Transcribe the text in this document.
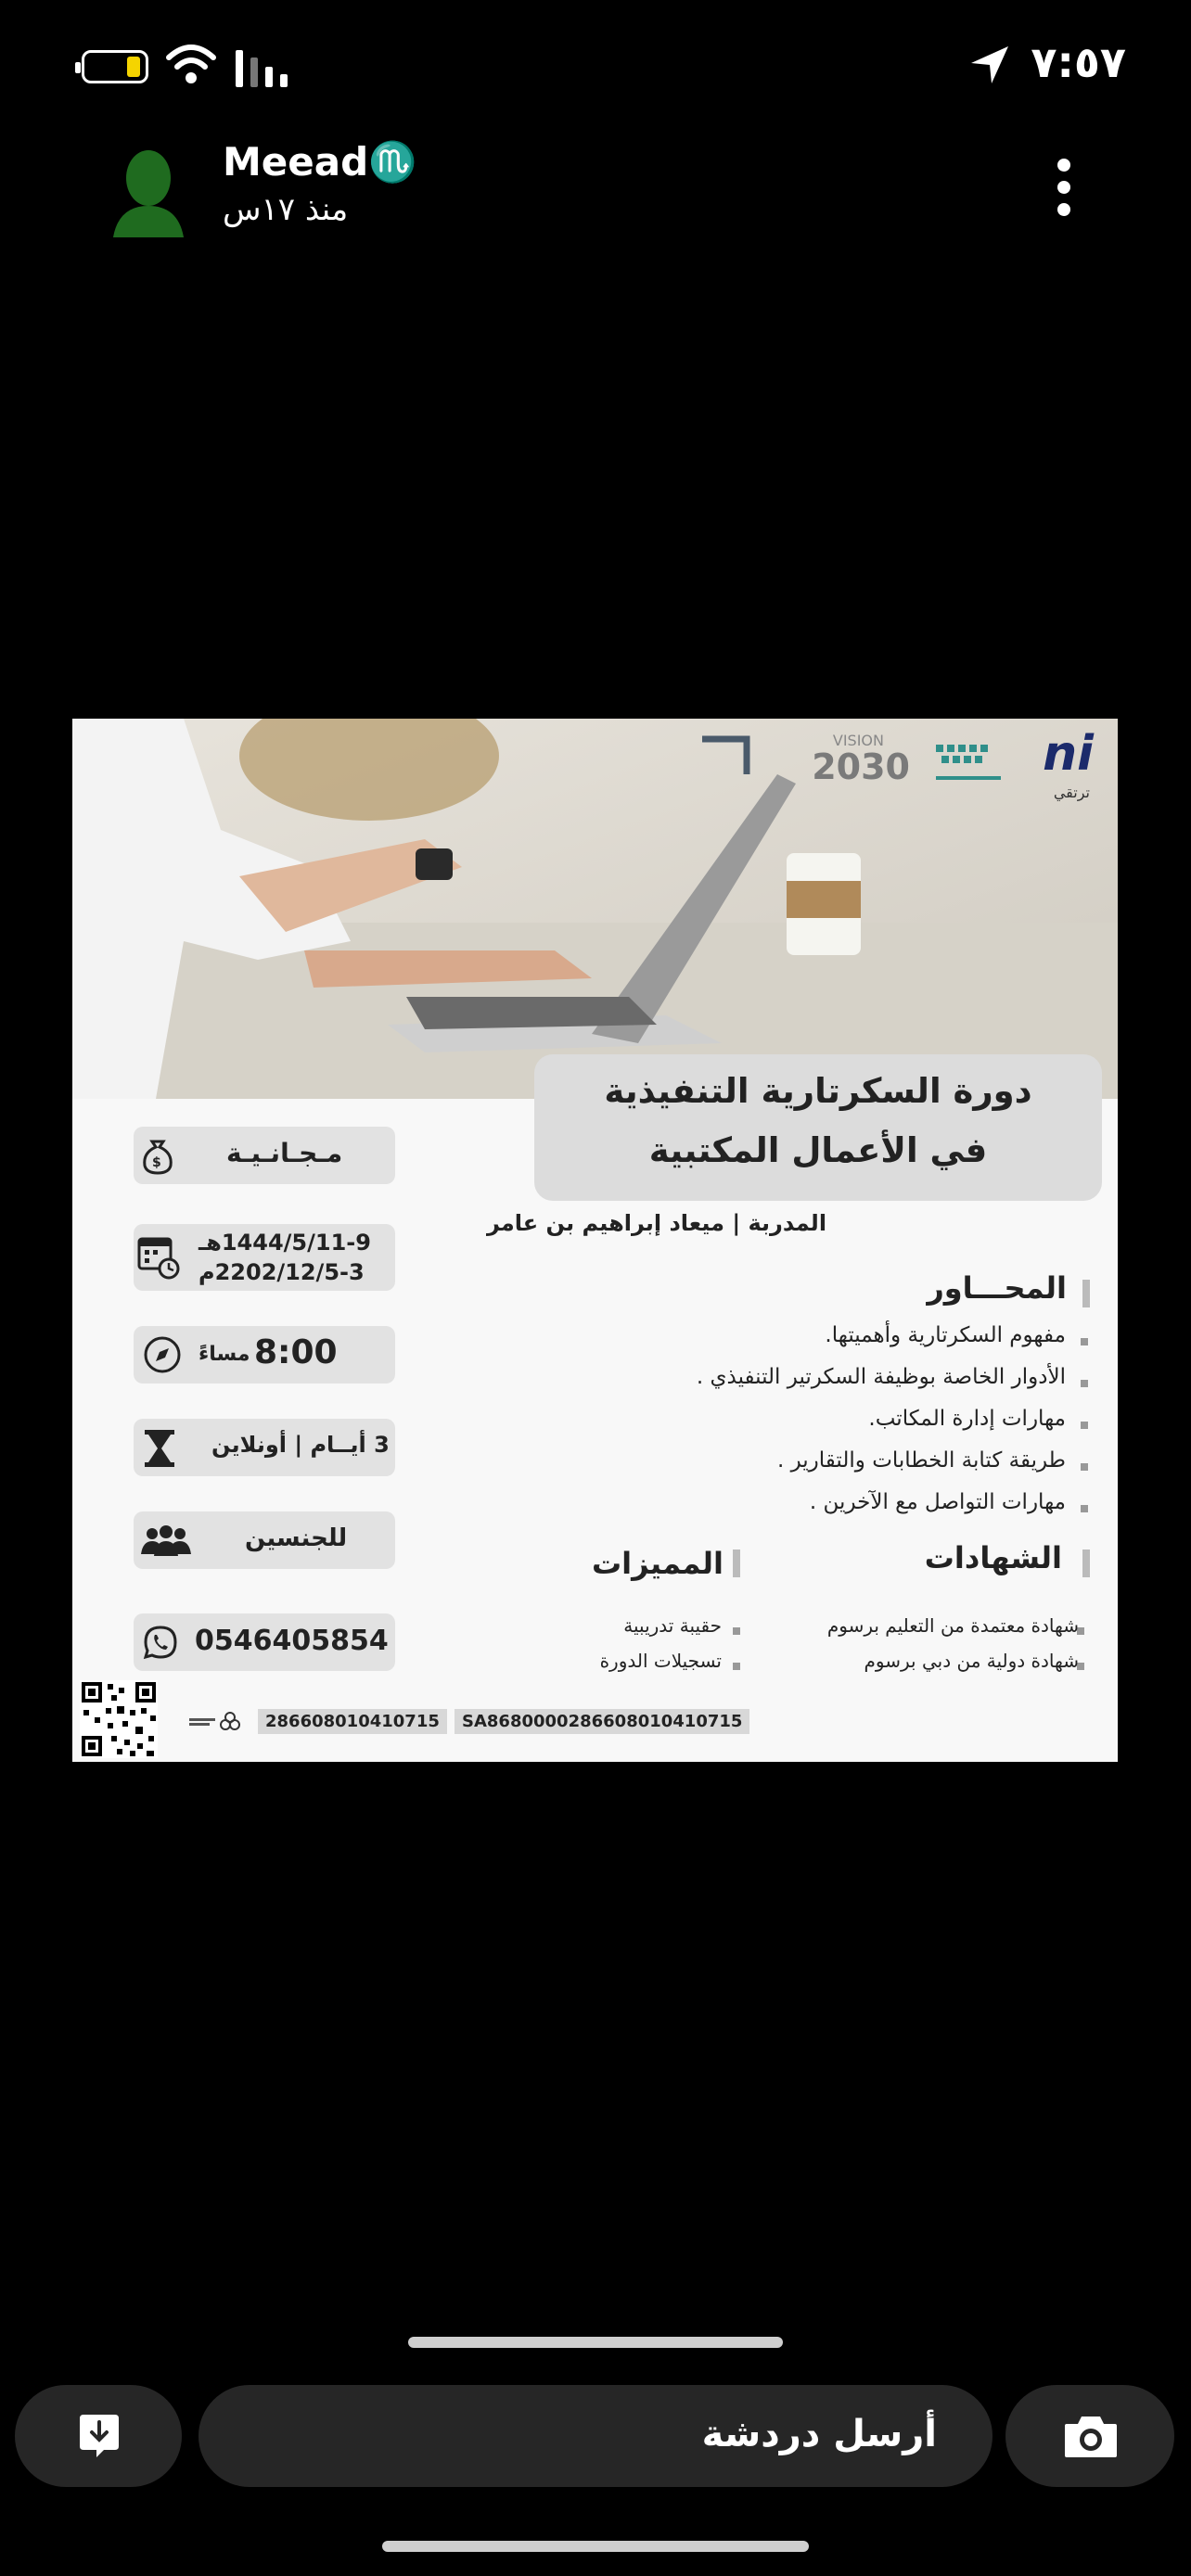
٧:٥٧
Meead♏️
منذ ١٧س
ni
ترتقي
VISION
2030
دورة السكرتارية التنفيذية
في الأعمال المكتبية
المدربة | ميعاد إبراهيم بن عامر
المحـــاور
مفهوم السكرتارية وأهميتها.
الأدوار الخاصة بوظيفة السكرتير التنفيذي .
مهارات إدارة المكاتب.
طريقة كتابة الخطابات والتقارير .
مهارات التواصل مع الآخرين .
الشهادات
شهادة معتمدة من التعليم برسوم
شهادة دولية من دبي برسوم
المميزات
حقيبة تدريبية
تسجيلات الدورة
$	مـجـانـيـة
1444/5/11-9هـ
2202/12/5-3م
مساءً 8:00
3 أيــام | أونلاين
للجنسين
0546405854
286608010410715	SA8680000286608010410715
أرسل دردشة
